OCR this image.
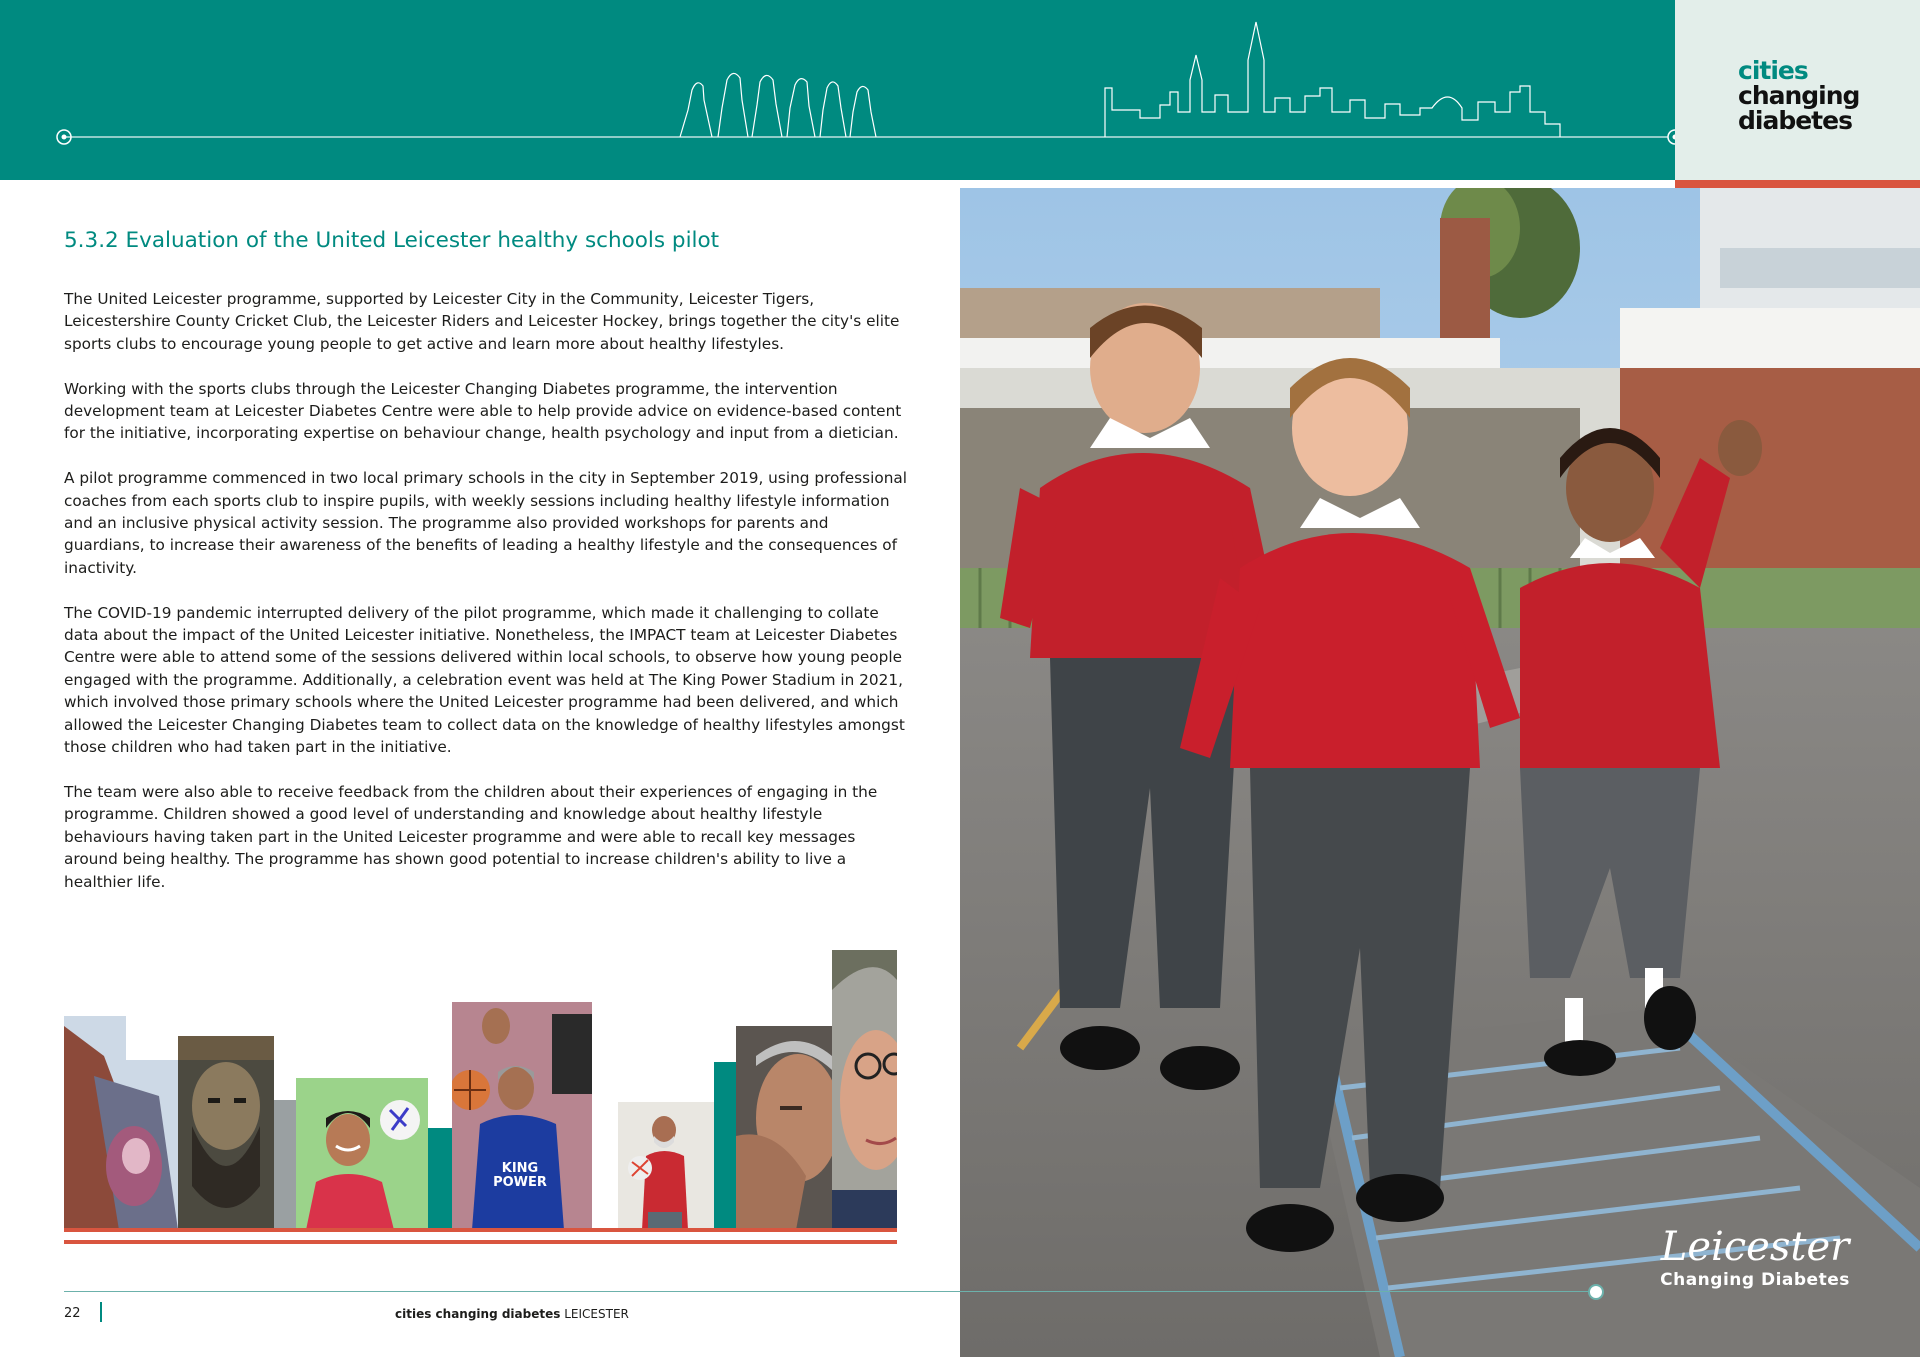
cities
changing
diabetes
5.3.2 Evaluation of the United Leicester healthy schools pilot

The United Leicester programme, supported by Leicester City in the Community, Leicester Tigers, Leicestershire County Cricket Club, the Leicester Riders and Leicester Hockey, brings together the city's elite sports clubs to encourage young people to get active and learn more about healthy lifestyles.

Working with the sports clubs through the Leicester Changing Diabetes programme, the intervention development team at Leicester Diabetes Centre were able to help provide advice on evidence-based content for the initiative, incorporating expertise on behaviour change, health psychology and input from a dietician.

A pilot programme commenced in two local primary schools in the city in September 2019, using professional coaches from each sports club to inspire pupils, with weekly sessions including healthy lifestyle information and an inclusive physical activity session. The programme also provided workshops for parents and guardians, to increase their awareness of the benefits of leading a healthy lifestyle and the consequences of inactivity.

The COVID-19 pandemic interrupted delivery of the pilot programme, which made it challenging to collate data about the impact of the United Leicester initiative. Nonetheless, the IMPACT team at Leicester Diabetes Centre were able to attend some of the sessions delivered within local schools, to observe how young people engaged with the programme. Additionally, a celebration event was held at The King Power Stadium in 2021, which involved those primary schools where the United Leicester programme had been delivered, and which allowed the Leicester Changing Diabetes team to collect data on the knowledge of healthy lifestyles amongst those children who had taken part in the initiative.

The team were also able to receive feedback from the children about their experiences of engaging in the programme. Children showed a good level of understanding and knowledge about healthy lifestyle behaviours having taken part in the United Leicester programme and were able to recall key messages around being healthy. The programme has shown good potential to increase children's ability to live a healthier life.

KING POWER
Leicester
Changing Diabetes
22	cities changing diabetes LEICESTER
